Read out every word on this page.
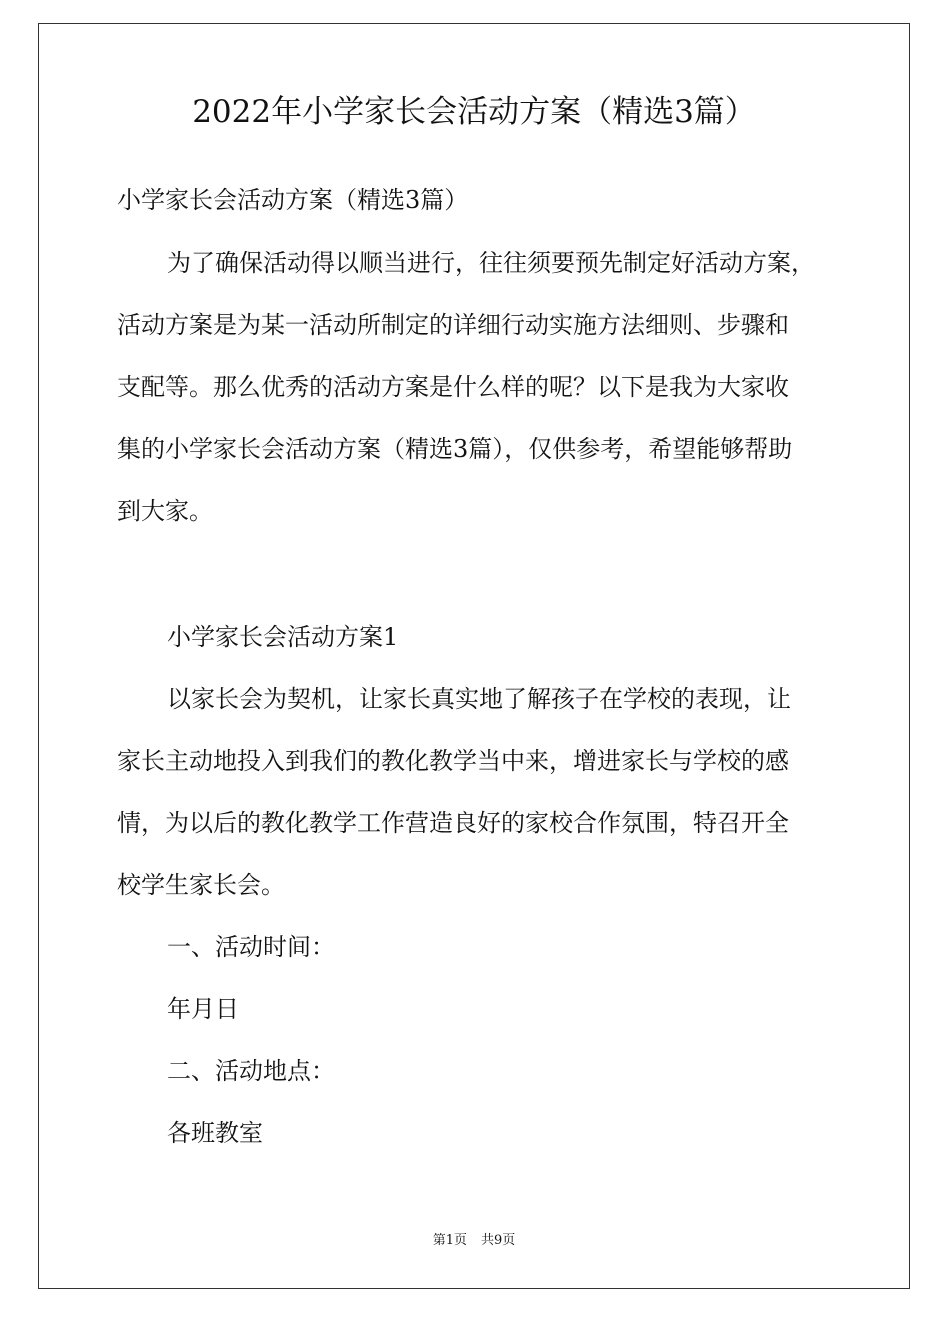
2022年小学家长会活动方案（精选3篇）
小学家长会活动方案（精选3篇）
为了确保活动得以顺当进行，往往须要预先制定好活动方案，
活动方案是为某一活动所制定的详细行动实施方法细则、步骤和
支配等。那么优秀的活动方案是什么样的呢？以下是我为大家收
集的小学家长会活动方案（精选3篇），仅供参考，希望能够帮助
到大家。
小学家长会活动方案1
以家长会为契机，让家长真实地了解孩子在学校的表现，让
家长主动地投入到我们的教化教学当中来，增进家长与学校的感
情，为以后的教化教学工作营造良好的家校合作氛围，特召开全
校学生家长会。
一、活动时间：
年月日
二、活动地点：
各班教室
第1页 共9页
